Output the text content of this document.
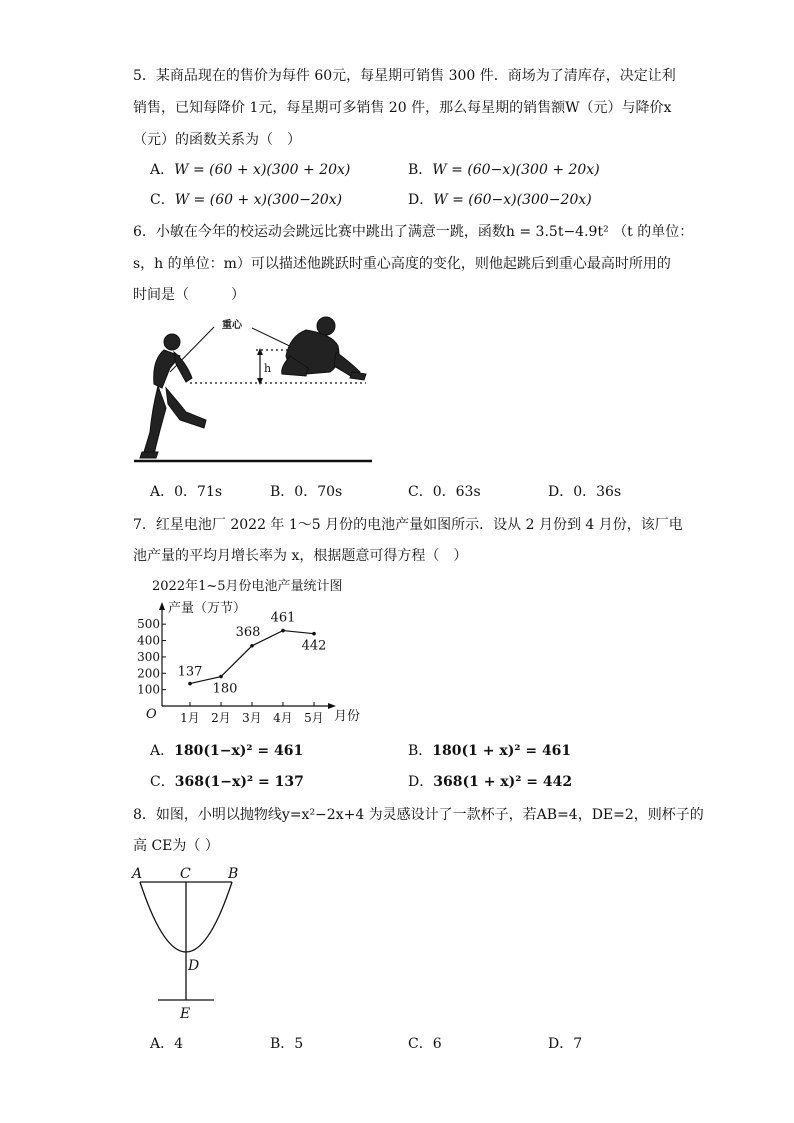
5．某商品现在的售价为每件 60元，每星期可销售 300 件．商场为了清库存，决定让利
销售，已知每降价 1元，每星期可多销售 20 件，那么每星期的销售额W（元）与降价x
（元）的函数关系为（　）
A．W = (60 + x)(300 + 20x)	B．W = (60−x)(300 + 20x)
C．W = (60 + x)(300−20x)	D．W = (60−x)(300−20x)
6．小敏在今年的校运动会跳远比赛中跳出了满意一跳，函数h = 3.5t−4.9t² （t 的单位：
s，h 的单位：m）可以描述他跳跃时重心高度的变化，则他起跳后到重心最高时所用的
时间是（　　　）
h
重心
A．0．71s	B．0．70s	C．0．63s	D．0．36s
7．红星电池厂 2022 年 1～5 月份的电池产量如图所示．设从 2 月份到 4 月份，该厂电
池产量的平均月增长率为 x，根据题意可得方程（　）
2022年1~5月份电池产量统计图
产量（万节）
月份
O
100
200
300
400
500
1月 2月 3月 4月 5月
137
180
368
461
442
A．180(1−x)² = 461	B．180(1 + x)² = 461
C．368(1−x)² = 137	D．368(1 + x)² = 442
8．如图，小明以抛物线y=x²−2x+4 为灵感设计了一款杯子，若AB=4，DE=2，则杯子的
高 CE为（ ）
A	C	B
D
E
A．4	B．5	C．6	D．7
